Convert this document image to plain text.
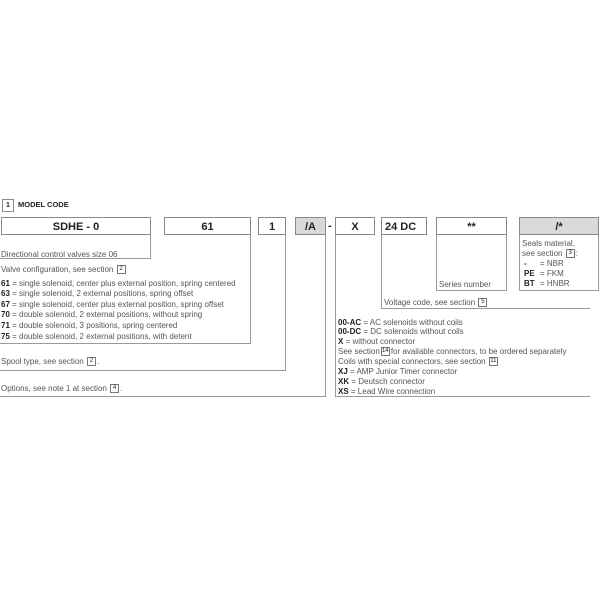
1	MODEL CODE
SDHE - 0	61	1	/A	-	X	24 DC	**	/*
Directional control valves size 06
Valve configuration, see section 2
61 = single solenoid, center plus external position, spring centered
63 = single solenoid, 2 external positions, spring offset
67 = single solenoid, center plus external position, spring offset
70 = double solenoid, 2 external positions, without spring
71 = double solenoid, 3 positions, spring centered
75 = double solenoid, 2 external positions, with detent
Spool type, see section 2 .
Options, see note 1 at section 4 .
00-AC = AC solenoids without coils
00-DC = DC solenoids without coils
X = without connector
See section 14 for available connectors, to be ordered separately
Coils with special connectors, see section 11
XJ = AMP Junior Timer connector
XK = Deutsch connector
XS = Lead Wire connection
Voltage code, see section 5
Series number
Seals material,
see section 3 :
- = NBR
PE = FKM
BT = HNBR
